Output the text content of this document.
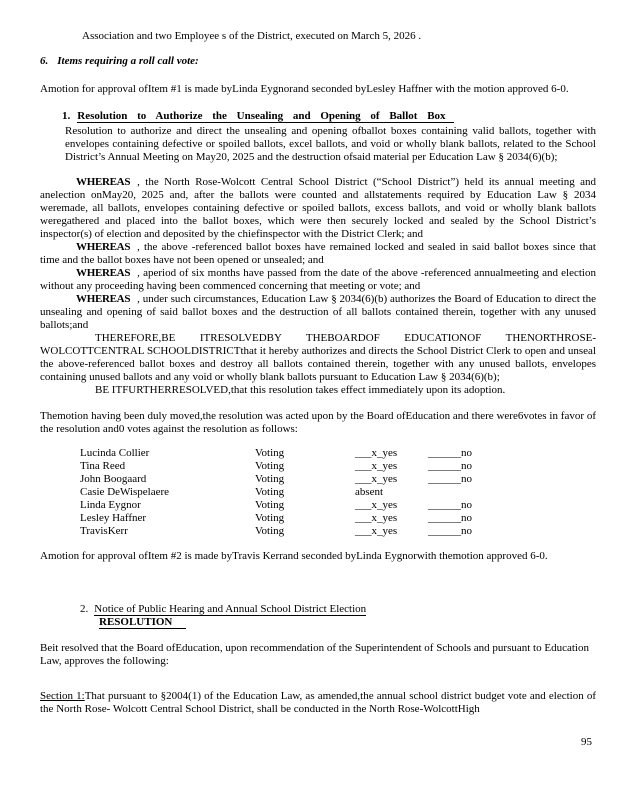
Association and two Employee s of the District, executed on March 5, 2026 .

6. Items requiring a roll call vote:

Amotion for approval ofItem #1 is made byLinda Eygnorand seconded byLesley Haffner with the motion approved 6-0.

1. Resolution to Authorize the Unsealing and Opening of Ballot Box

Resolution to authorize and direct the unsealing and opening ofballot boxes containing valid ballots, together with envelopes containing defective or spoiled ballots, excel ballots, and void or wholly blank ballots, related to the School District’s Annual Meeting on May20, 2025 and the destruction ofsaid material per Education Law § 2034(6)(b);

WHEREAS , the North Rose-Wolcott Central School District (“School District”) held its annual meeting and anelection onMay20, 2025 and, after the ballots were counted and allstatements required by Education Law § 2034 weremade, all ballots, envelopes containing defective or spoiled ballots, excess ballots, and void or wholly blank ballots weregathered and placed into the ballot boxes, which were then securely locked and sealed by the School District’s inspector(s) of election and deposited by the chiefinspector with the District Clerk; and

WHEREAS , the above -referenced ballot boxes have remained locked and sealed in said ballot boxes since that time and the ballot boxes have not been opened or unsealed; and

WHEREAS , aperiod of six months have passed from the date of the above -referenced annualmeeting and election without any proceeding having been commenced concerning that meeting or vote; and

WHEREAS , under such circumstances, Education Law § 2034(6)(b) authorizes the Board of Education to direct the unsealing and opening of said ballot boxes and the destruction of all ballots contained therein, together with any unused ballots;and

THEREFORE,BE ITRESOLVEDBY THEBOARDOF EDUCATIONOF THENORTHROSE-WOLCOTTCENTRAL SCHOOLDISTRICTthat it hereby authorizes and directs the School District Clerk to open and unseal the above-referenced ballot boxes and destroy all ballots contained therein, together with any unused ballots, envelopes containing unused ballots and any void or wholly blank ballots pursuant to Education Law § 2034(6)(b);

BE ITFURTHERRESOLVED,that this resolution takes effect immediately upon its adoption.

Themotion having been duly moved,the resolution was acted upon by the Board ofEducation and there were6votes in favor of the resolution and0 votes against the resolution as follows:

Lucinda Collier	Voting	___x_yes	______no
Tina Reed	Voting	___x_yes	______no
John Boogaard	Voting	___x_yes	______no
Casie DeWispelaere	Voting	absent
Linda Eygnor	Voting	___x_yes	______no
Lesley Haffner	Voting	___x_yes	______no
TravisKerr	Voting	___x_yes	______no

Amotion for approval ofItem #2 is made byTravis Kerrand seconded byLinda Eygnorwith themotion approved 6-0.

2. Notice of Public Hearing and Annual School District Election

RESOLUTION

Beit resolved that the Board ofEducation, upon recommendation of the Superintendent of Schools and pursuant to Education Law, approves the following:

Section 1:That pursuant to §2004(1) of the Education Law, as amended,the annual school district budget vote and election of the North Rose- Wolcott Central School District, shall be conducted in the North Rose-WolcottHigh

95
